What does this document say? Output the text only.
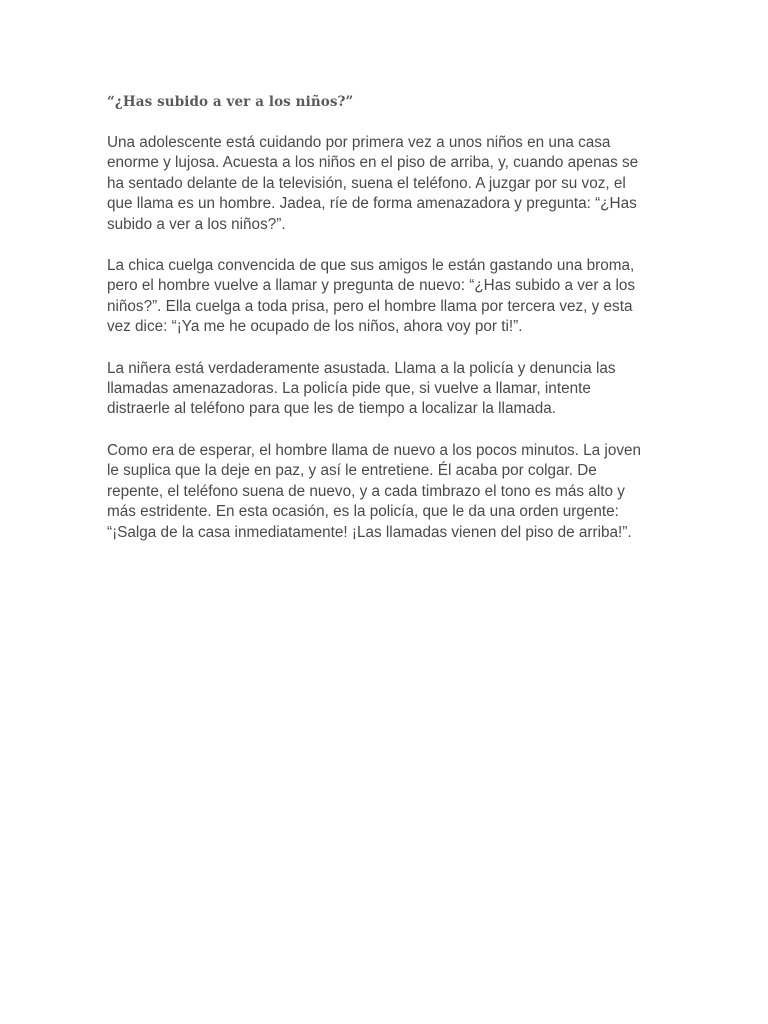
“¿Has subido a ver a los niños?”

Una adolescente está cuidando por primera vez a unos niños en una casa
enorme y lujosa. Acuesta a los niños en el piso de arriba, y, cuando apenas se
ha sentado delante de la televisión, suena el teléfono. A juzgar por su voz, el
que llama es un hombre. Jadea, ríe de forma amenazadora y pregunta: “¿Has
subido a ver a los niños?”.

La chica cuelga convencida de que sus amigos le están gastando una broma,
pero el hombre vuelve a llamar y pregunta de nuevo: “¿Has subido a ver a los
niños?”. Ella cuelga a toda prisa, pero el hombre llama por tercera vez, y esta
vez dice: “¡Ya me he ocupado de los niños, ahora voy por ti!”.

La niñera está verdaderamente asustada. Llama a la policía y denuncia las
llamadas amenazadoras. La policía pide que, si vuelve a llamar, intente
distraerle al teléfono para que les de tiempo a localizar la llamada.

Como era de esperar, el hombre llama de nuevo a los pocos minutos. La joven
le suplica que la deje en paz, y así le entretiene. Él acaba por colgar. De
repente, el teléfono suena de nuevo, y a cada timbrazo el tono es más alto y
más estridente. En esta ocasión, es la policía, que le da una orden urgente:
“¡Salga de la casa inmediatamente! ¡Las llamadas vienen del piso de arriba!”.
